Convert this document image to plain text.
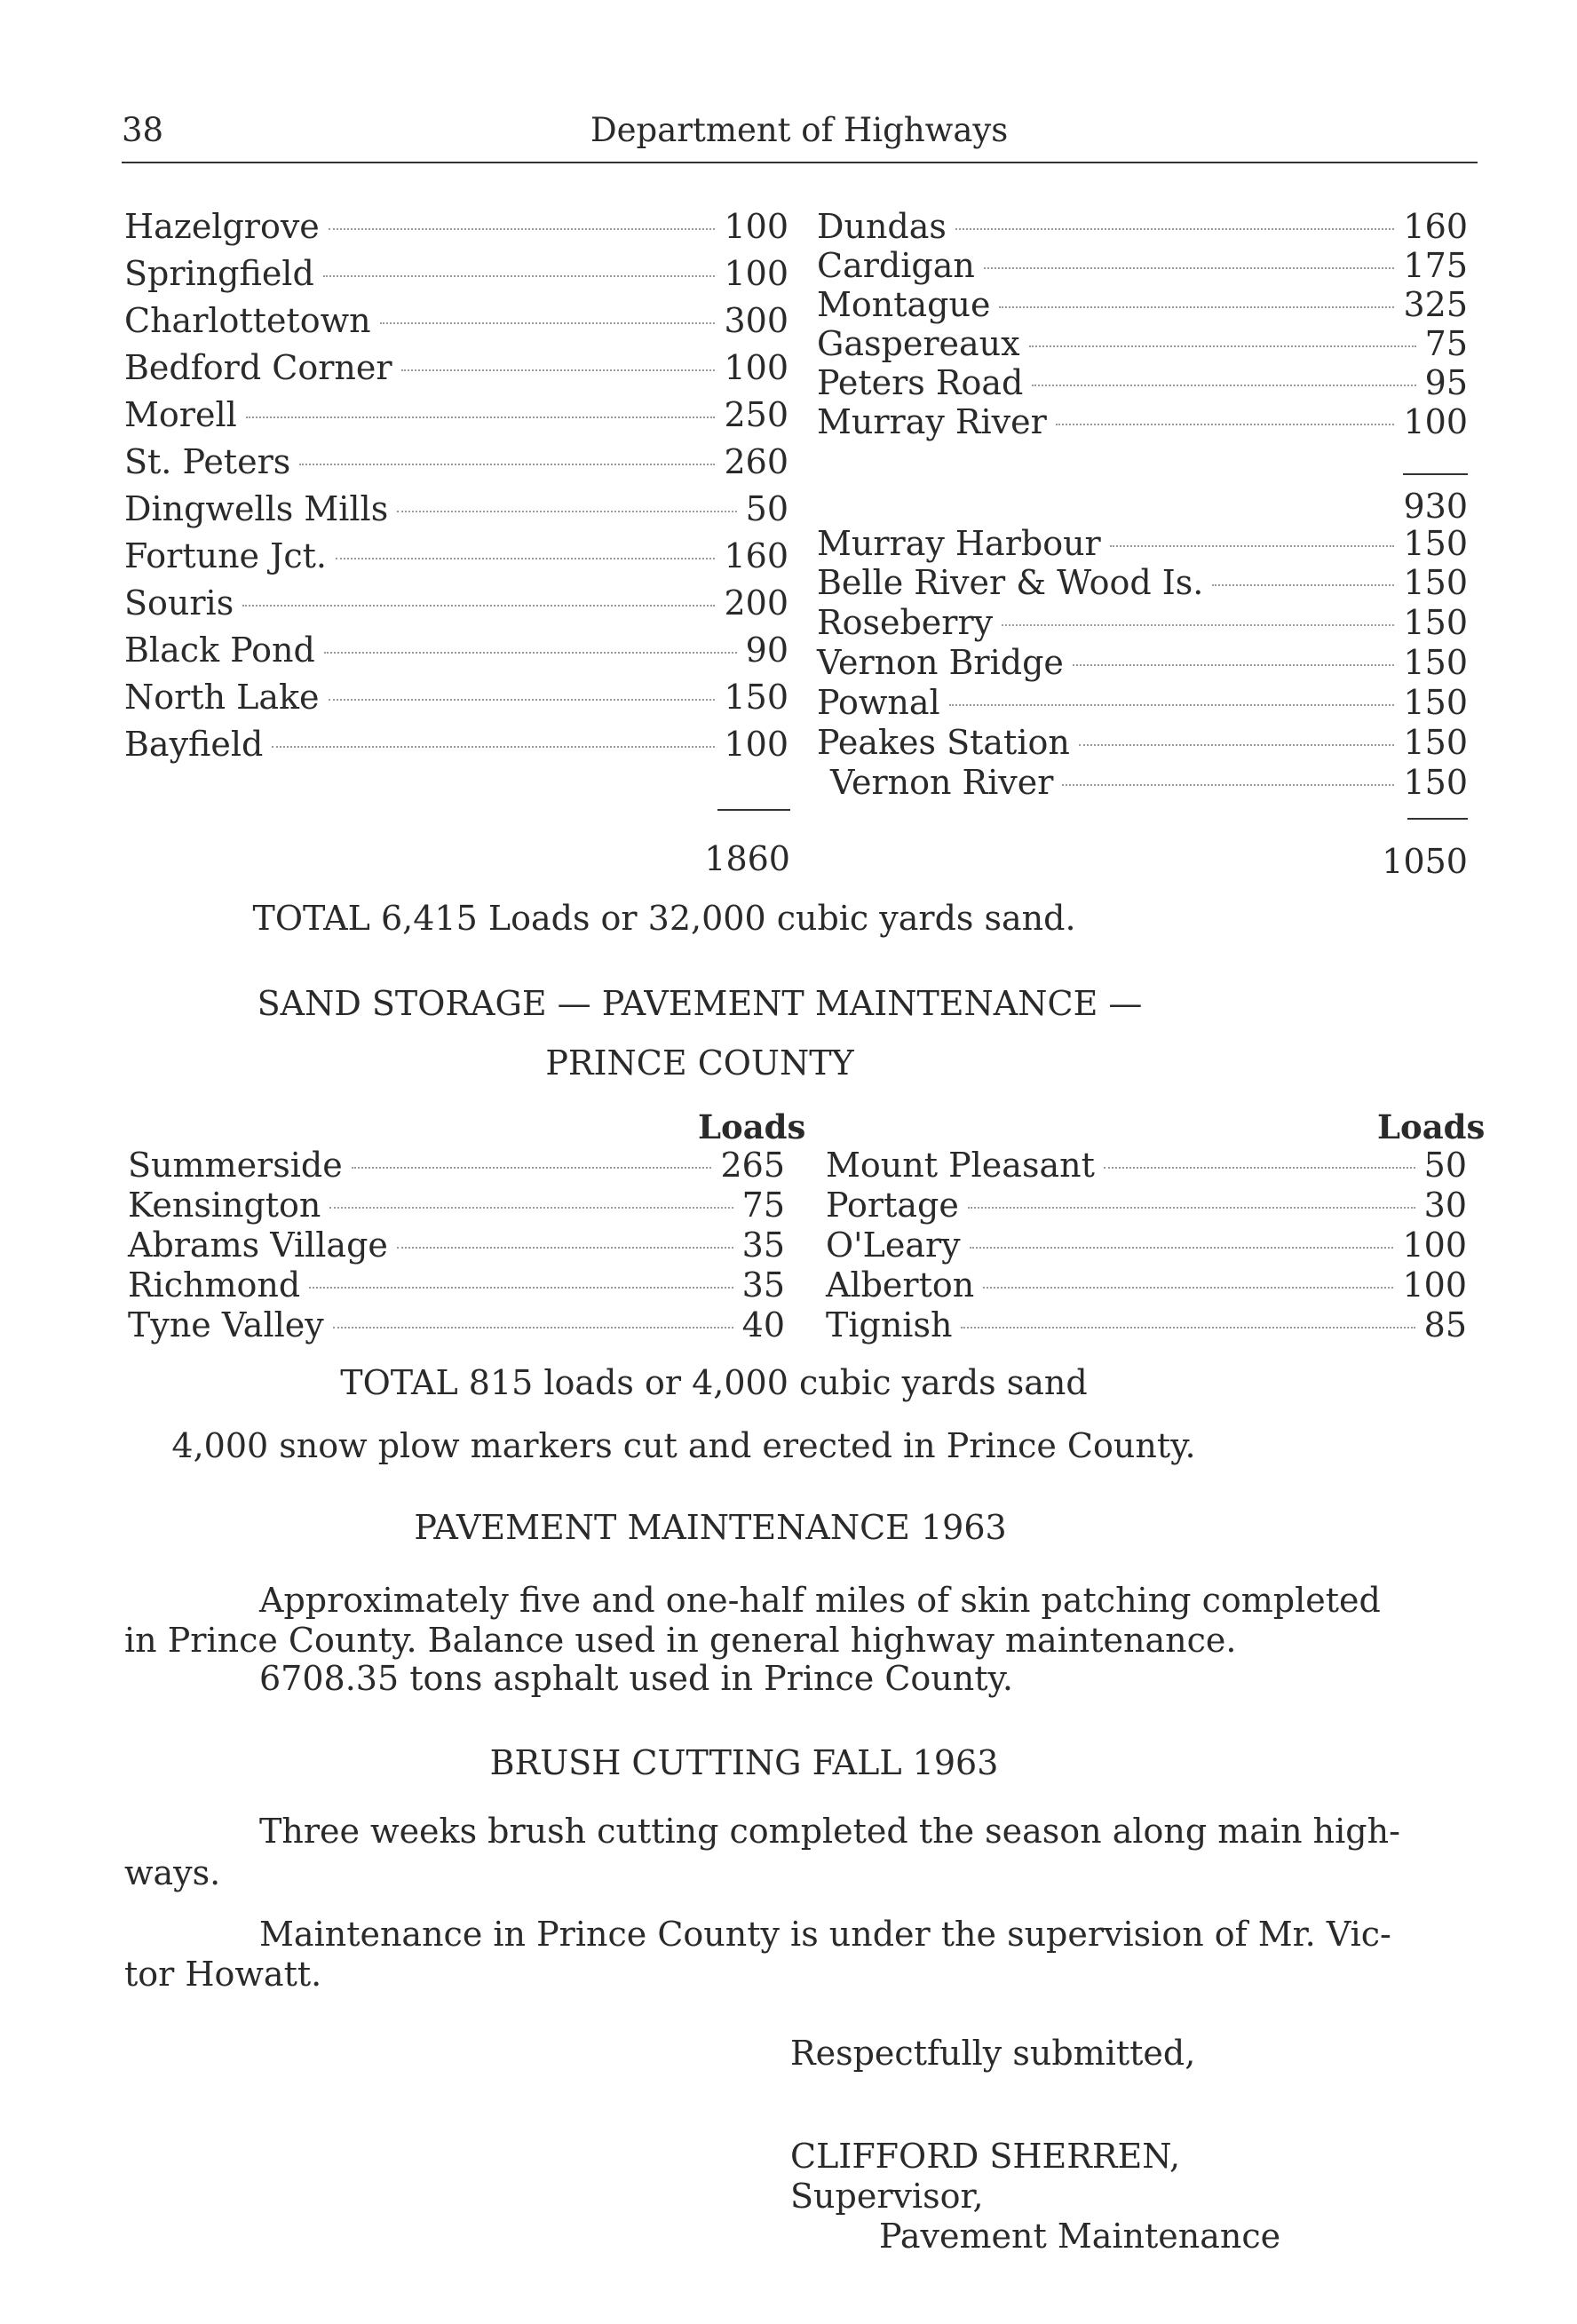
38	Department of Highways
Hazelgrove	100
Springfield	100
Charlottetown	300
Bedford Corner	100
Morell	250
St. Peters	260
Dingwells Mills	50
Fortune Jct.	160
Souris	200
Black Pond	90
North Lake	150
Bayfield	100
1860
Dundas	160
Cardigan	175
Montague	325
Gaspereaux	75
Peters Road	95
Murray River	100
930
Murray Harbour	150
Belle River & Wood Is.	150
Roseberry	150
Vernon Bridge	150
Pownal	150
Peakes Station	150
Vernon River	150
1050
TOTAL 6,415 Loads or 32,000 cubic yards sand.
SAND STORAGE — PAVEMENT MAINTENANCE —
PRINCE COUNTY
Loads	Loads
Summerside	265
Kensington	75
Abrams Village	35
Richmond	35
Tyne Valley	40
Mount Pleasant	50
Portage	30
O'Leary	100
Alberton	100
Tignish	85
TOTAL 815 loads or 4,000 cubic yards sand
4,000 snow plow markers cut and erected in Prince County.
PAVEMENT MAINTENANCE 1963
Approximately five and one-half miles of skin patching completed
in Prince County. Balance used in general highway maintenance.
6708.35 tons asphalt used in Prince County.
BRUSH CUTTING FALL 1963
Three weeks brush cutting completed the season along main high-
ways.
Maintenance in Prince County is under the supervision of Mr. Vic-
tor Howatt.
Respectfully submitted,
CLIFFORD SHERREN,
Supervisor,
Pavement Maintenance
